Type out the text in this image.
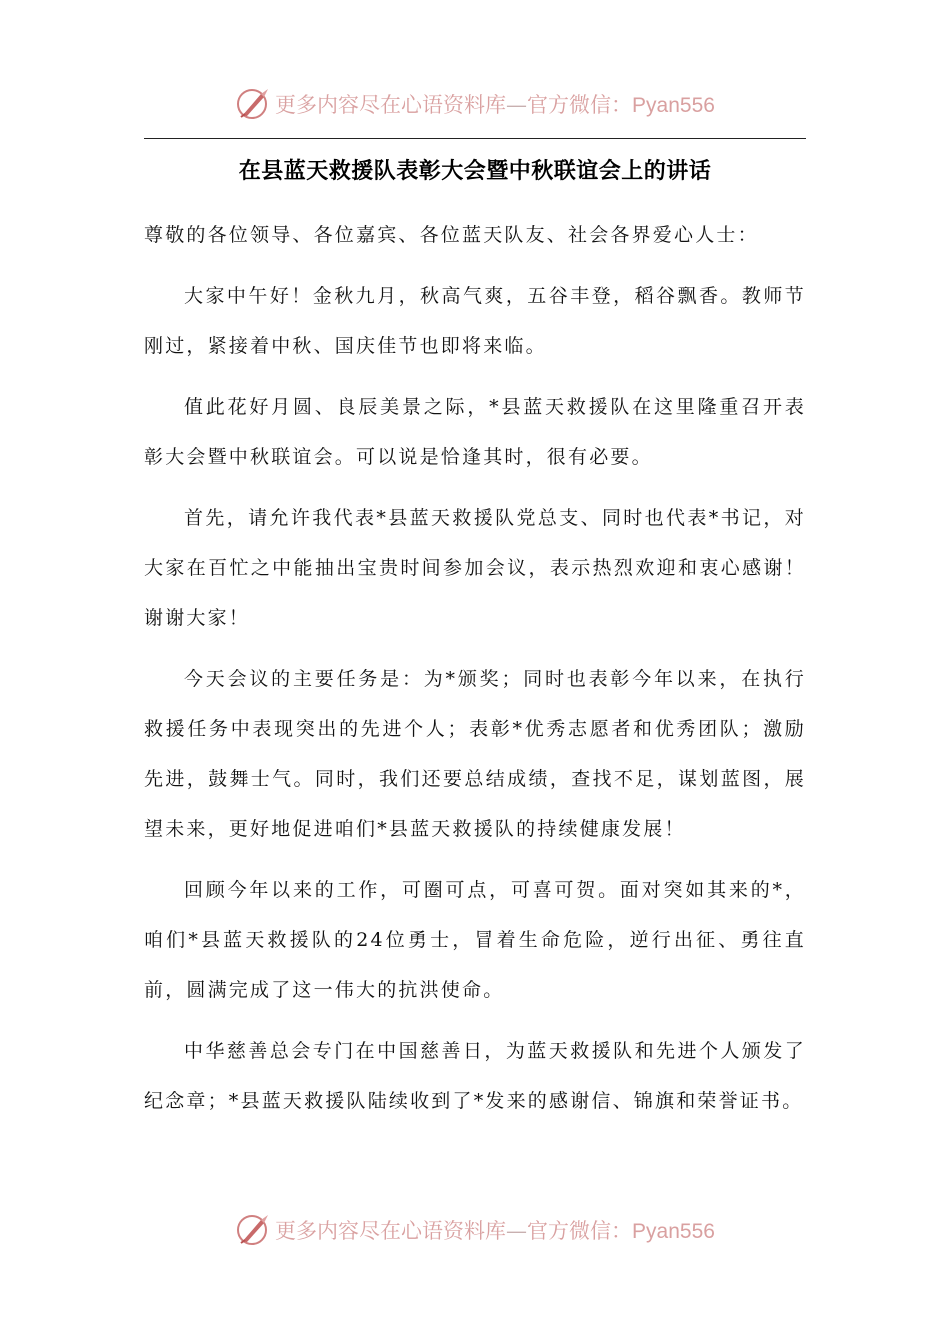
更多内容尽在心语资料库—官方微信：Pyan556
在县蓝天救援队表彰大会暨中秋联谊会上的讲话

尊敬的各位领导、各位嘉宾、各位蓝天队友、社会各界爱心人士：

大家中午好！金秋九月，秋高气爽，五谷丰登，稻谷飘香。教师节刚过，紧接着中秋、国庆佳节也即将来临。

值此花好月圆、良辰美景之际，*县蓝天救援队在这里隆重召开表彰大会暨中秋联谊会。可以说是恰逢其时，很有必要。

首先，请允许我代表*县蓝天救援队党总支、同时也代表*书记，对大家在百忙之中能抽出宝贵时间参加会议，表示热烈欢迎和衷心感谢！谢谢大家！

今天会议的主要任务是：为*颁奖；同时也表彰今年以来，在执行救援任务中表现突出的先进个人；表彰*优秀志愿者和优秀团队；激励先进，鼓舞士气。同时，我们还要总结成绩，查找不足，谋划蓝图，展望未来，更好地促进咱们*县蓝天救援队的持续健康发展！

回顾今年以来的工作，可圈可点，可喜可贺。面对突如其来的*，咱们*县蓝天救援队的24位勇士，冒着生命危险，逆行出征、勇往直前，圆满完成了这一伟大的抗洪使命。

中华慈善总会专门在中国慈善日，为蓝天救援队和先进个人颁发了纪念章；*县蓝天救援队陆续收到了*发来的感谢信、锦旗和荣誉证书。

更多内容尽在心语资料库—官方微信：Pyan556
